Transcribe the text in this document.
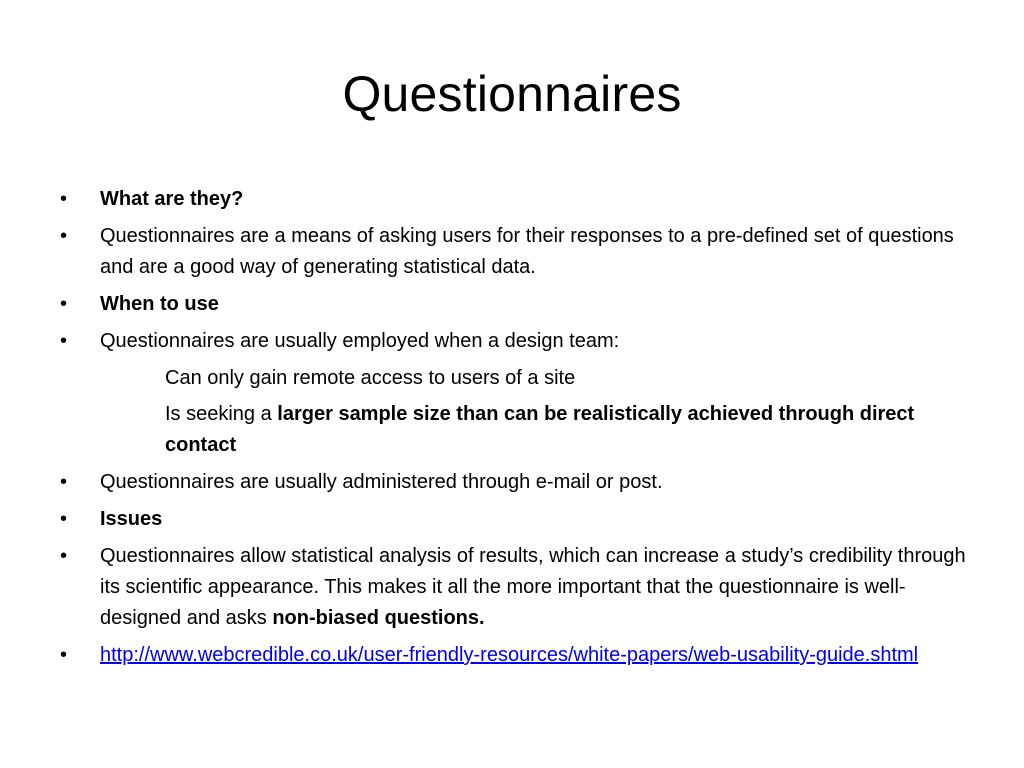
Questionnaires
•	What are they?
•	Questionnaires are a means of asking users for their responses to a pre-defined set of questions and are a good way of generating statistical data.
•	When to use
•	Questionnaires are usually employed when a design team:
Can only gain remote access to users of a site
Is seeking a larger sample size than can be realistically achieved through direct contact
•	Questionnaires are usually administered through e-mail or post.
•	Issues
•	Questionnaires allow statistical analysis of results, which can increase a study’s credibility through its scientific appearance. This makes it all the more important that the questionnaire is well-designed and asks non-biased questions.
•	http://www.webcredible.co.uk/user-friendly-resources/white-papers/web-usability-guide.shtml
